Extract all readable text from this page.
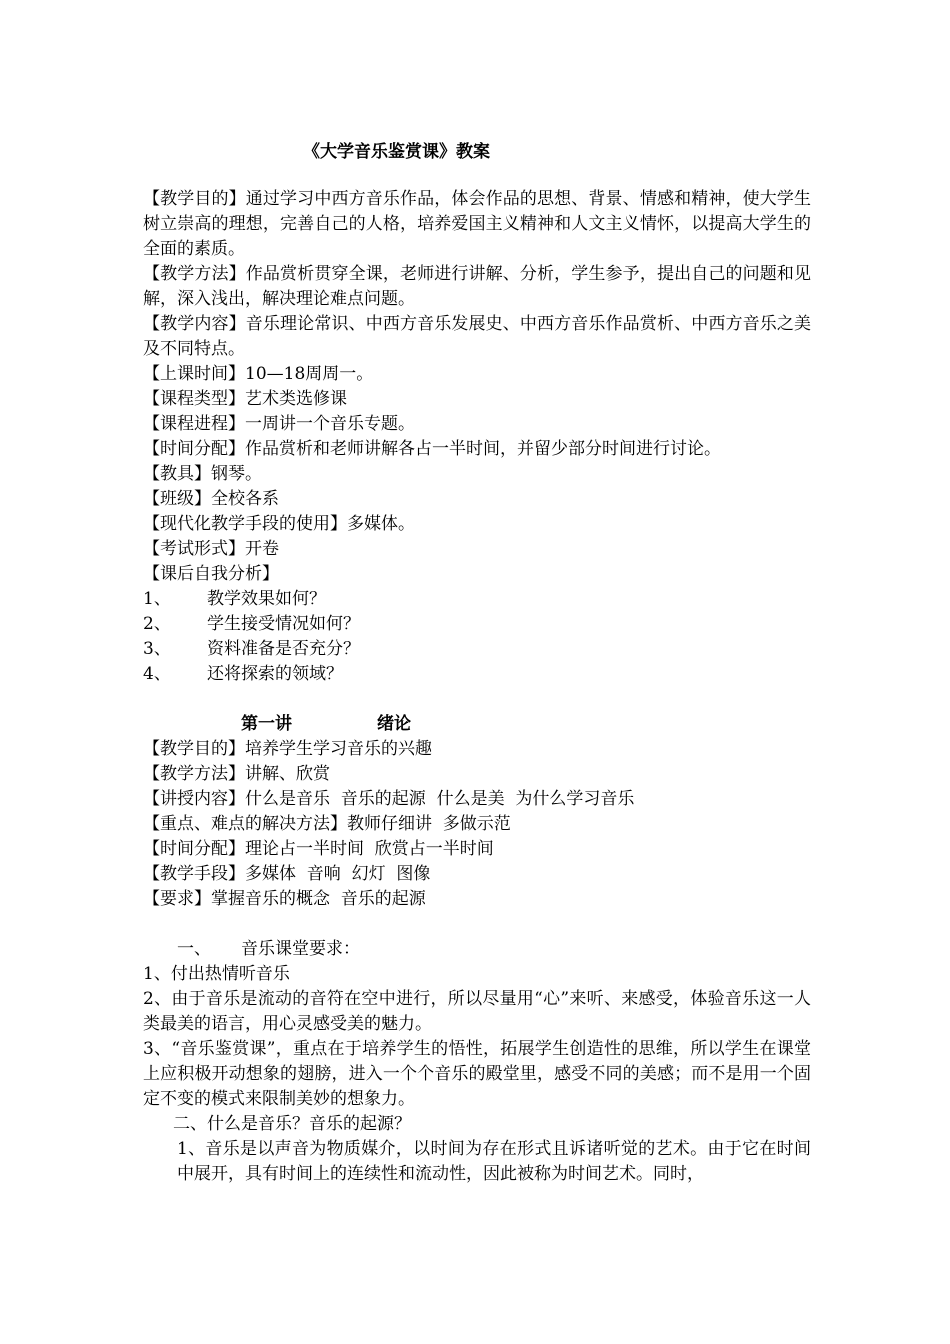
《大学音乐鉴赏课》教案

【教学目的】通过学习中西方音乐作品，体会作品的思想、背景、情感和精神，使大学生树立崇高的理想，完善自己的人格，培养爱国主义精神和人文主义情怀，以提高大学生的全面的素质。

【教学方法】作品赏析贯穿全课，老师进行讲解、分析，学生参予，提出自己的问题和见解，深入浅出，解决理论难点问题。

【教学内容】音乐理论常识、中西方音乐发展史、中西方音乐作品赏析、中西方音乐之美及不同特点。

【上课时间】10—18周周一。

【课程类型】艺术类选修课

【课程进程】一周讲一个音乐专题。

【时间分配】作品赏析和老师讲解各占一半时间，并留少部分时间进行讨论。

【教具】钢琴。

【班级】全校各系

【现代化教学手段的使用】多媒体。

【考试形式】开卷

【课后自我分析】

1、	教学效果如何？
2、	学生接受情况如何？
3、	资料准备是否充分？
4、	还将探索的领域？
第一讲	绪论

【教学目的】培养学生学习音乐的兴趣

【教学方法】讲解、欣赏

【讲授内容】什么是音乐  音乐的起源  什么是美  为什么学习音乐

【重点、难点的解决方法】教师仔细讲  多做示范

【时间分配】理论占一半时间  欣赏占一半时间

【教学手段】多媒体  音响  幻灯  图像

【要求】掌握音乐的概念  音乐的起源

一、	音乐课堂要求：

1、付出热情听音乐

2、由于音乐是流动的音符在空中进行，所以尽量用“心”来听、来感受，体验音乐这一人类最美的语言，用心灵感受美的魅力。

3、“音乐鉴赏课”，重点在于培养学生的悟性，拓展学生创造性的思维，所以学生在课堂上应积极开动想象的翅膀，进入一个个音乐的殿堂里，感受不同的美感；而不是用一个固定不变的模式来限制美妙的想象力。

二、什么是音乐？音乐的起源？

1、音乐是以声音为物质媒介，以时间为存在形式且诉诸听觉的艺术。由于它在时间中展开，具有时间上的连续性和流动性，因此被称为时间艺术。同时，
